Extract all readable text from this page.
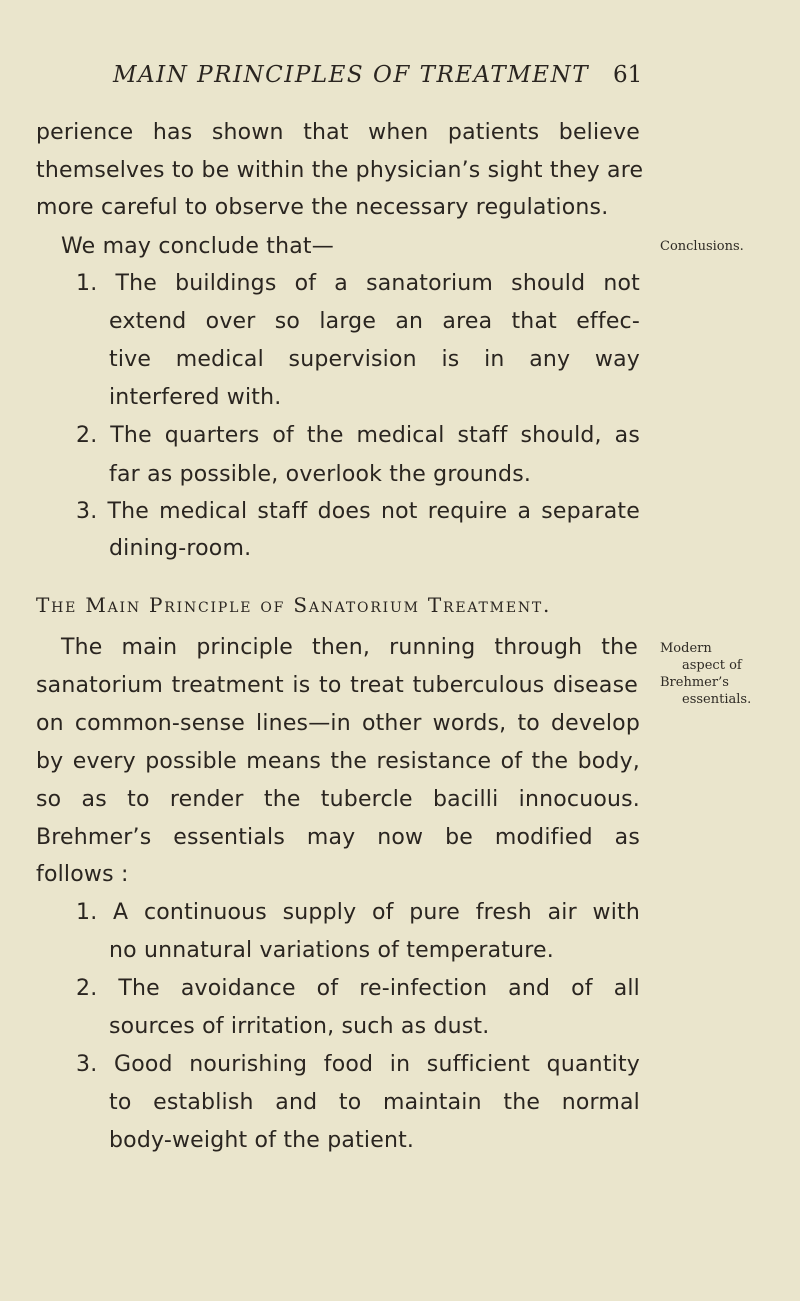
MAIN PRINCIPLES OF TREATMENT 61
perience has shown that when patients believe
themselves to be within the physician’s sight they are
more careful to observe the necessary regulations.
We may conclude that—
1. The buildings of a sanatorium should not
extend over so large an area that effec-
tive medical supervision is in any way
interfered with.
2. The quarters of the medical staff should, as
far as possible, overlook the grounds.
3. The medical staff does not require a separate
dining-room.
The Main Principle of Sanatorium Treatment.
The main principle then, running through the
sanatorium treatment is to treat tuberculous disease
on common-sense lines—in other words, to develop
by every possible means the resistance of the body,
so as to render the tubercle bacilli innocuous.
Brehmer’s essentials may now be modified as
follows :
1. A continuous supply of pure fresh air with
no unnatural variations of temperature.
2. The avoidance of re-infection and of all
sources of irritation, such as dust.
3. Good nourishing food in sufficient quantity
to establish and to maintain the normal
body-weight of the patient.
Conclusions.
Modern
aspect of
Brehmer’s
essentials.
